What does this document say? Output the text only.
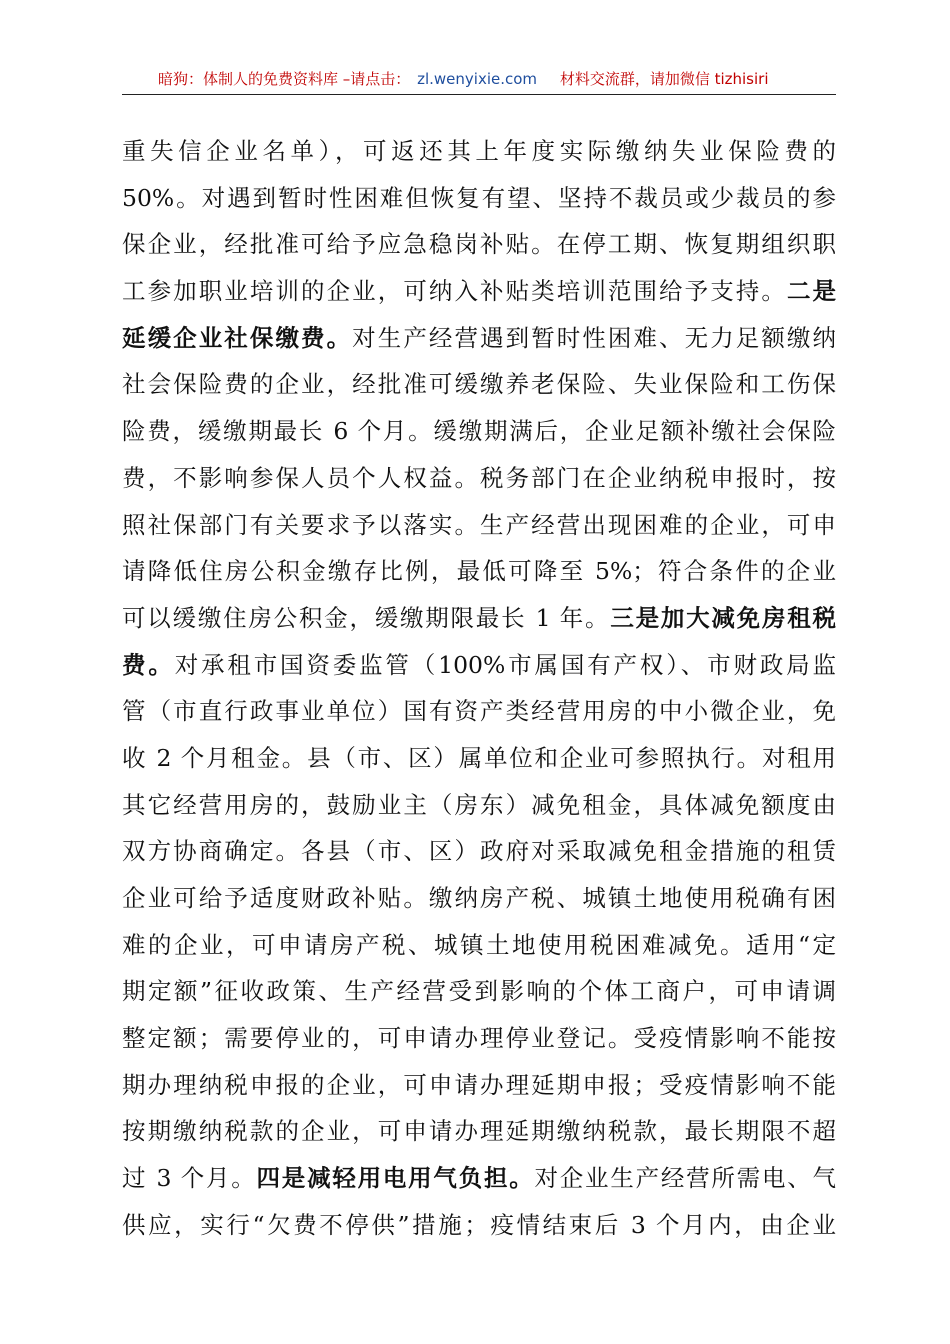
暗狗：体制人的免费资料库 –请点击： zl.wenyixie.com 材料交流群，请加微信 tizhisiri
重失信企业名单），可返还其上年度实际缴纳失业保险费的
50%。对遇到暂时性困难但恢复有望、坚持不裁员或少裁员的参
保企业，经批准可给予应急稳岗补贴。在停工期、恢复期组织职
工参加职业培训的企业，可纳入补贴类培训范围给予支持。二是
延缓企业社保缴费。对生产经营遇到暂时性困难、无力足额缴纳
社会保险费的企业，经批准可缓缴养老保险、失业保险和工伤保
险费，缓缴期最长 6 个月。缓缴期满后，企业足额补缴社会保险
费，不影响参保人员个人权益。税务部门在企业纳税申报时，按
照社保部门有关要求予以落实。生产经营出现困难的企业，可申
请降低住房公积金缴存比例，最低可降至 5%；符合条件的企业
可以缓缴住房公积金，缓缴期限最长 1 年。三是加大减免房租税
费。对承租市国资委监管（100%市属国有产权）、市财政局监
管（市直行政事业单位）国有资产类经营用房的中小微企业，免
收 2 个月租金。县（市、区）属单位和企业可参照执行。对租用
其它经营用房的，鼓励业主（房东）减免租金，具体减免额度由
双方协商确定。各县（市、区）政府对采取减免租金措施的租赁
企业可给予适度财政补贴。缴纳房产税、城镇土地使用税确有困
难的企业，可申请房产税、城镇土地使用税困难减免。适用“定
期定额”征收政策、生产经营受到影响的个体工商户，可申请调
整定额；需要停业的，可申请办理停业登记。受疫情影响不能按
期办理纳税申报的企业，可申请办理延期申报；受疫情影响不能
按期缴纳税款的企业，可申请办理延期缴纳税款，最长期限不超
过 3 个月。四是减轻用电用气负担。对企业生产经营所需电、气
供应，实行“欠费不停供”措施；疫情结束后 3 个月内，由企业
